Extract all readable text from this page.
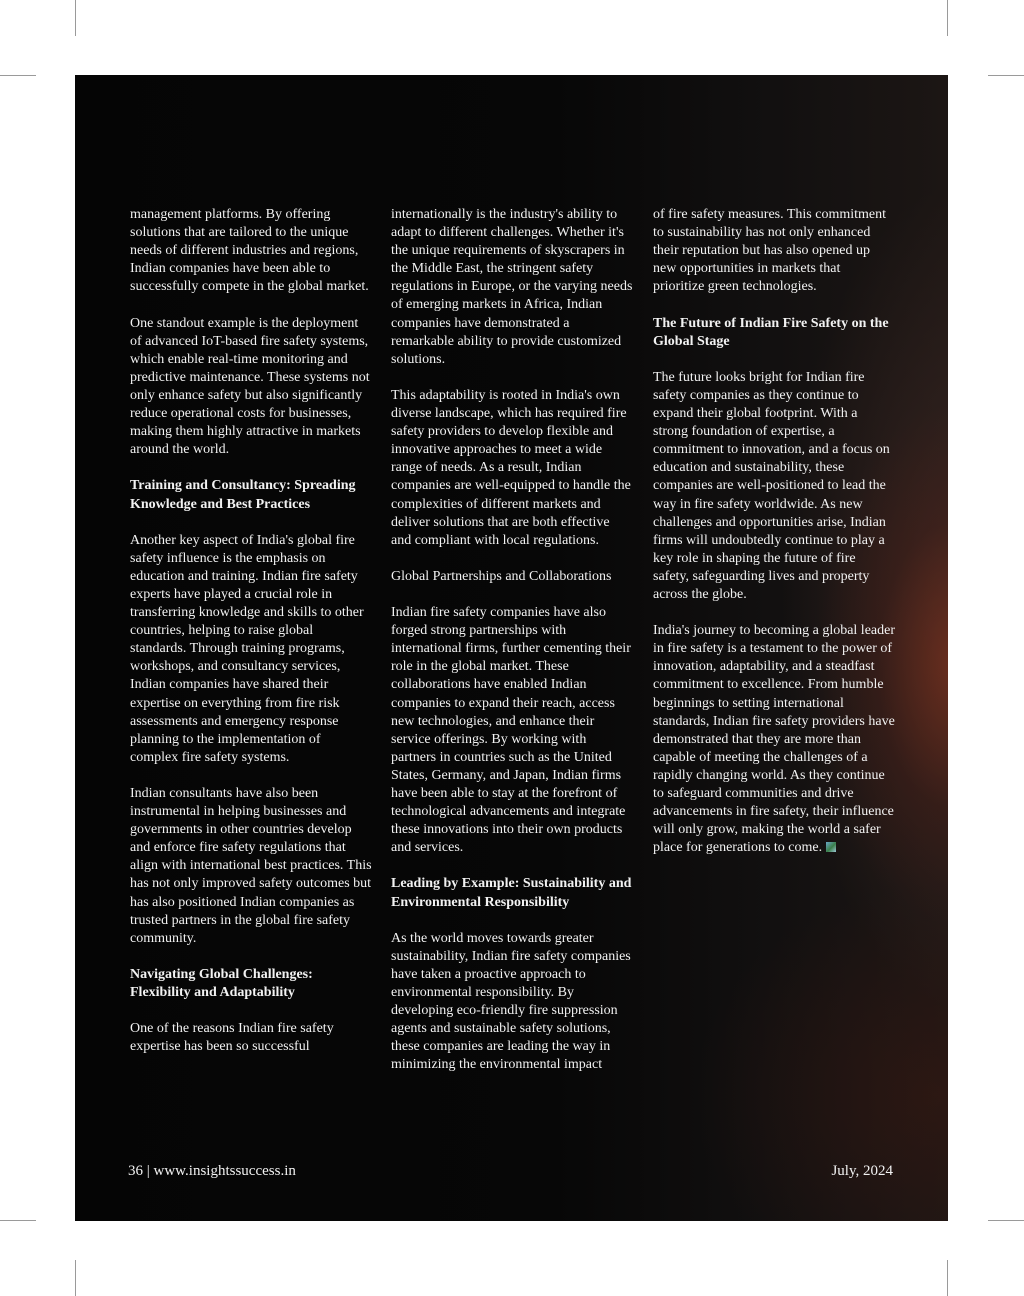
management platforms. By offering solutions that are tailored to the unique needs of different industries and regions, Indian companies have been able to successfully compete in the global market.

One standout example is the deployment of advanced IoT-based fire safety systems, which enable real-time monitoring and predictive maintenance. These systems not only enhance safety but also significantly reduce operational costs for businesses, making them highly attractive in markets around the world.

Training and Consultancy: Spreading Knowledge and Best Practices

Another key aspect of India's global fire safety influence is the emphasis on education and training. Indian fire safety experts have played a crucial role in transferring knowledge and skills to other countries, helping to raise global standards. Through training programs, workshops, and consultancy services, Indian companies have shared their expertise on everything from fire risk assessments and emergency response planning to the implementation of complex fire safety systems.

Indian consultants have also been instrumental in helping businesses and governments in other countries develop and enforce fire safety regulations that align with international best practices. This has not only improved safety outcomes but has also positioned Indian companies as trusted partners in the global fire safety community.

Navigating Global Challenges: Flexibility and Adaptability

One of the reasons Indian fire safety expertise has been so successful

internationally is the industry's ability to adapt to different challenges. Whether it's the unique requirements of skyscrapers in the Middle East, the stringent safety regulations in Europe, or the varying needs of emerging markets in Africa, Indian companies have demonstrated a remarkable ability to provide customized solutions.

This adaptability is rooted in India's own diverse landscape, which has required fire safety providers to develop flexible and innovative approaches to meet a wide range of needs. As a result, Indian companies are well-equipped to handle the complexities of different markets and deliver solutions that are both effective and compliant with local regulations.

Global Partnerships and Collaborations

Indian fire safety companies have also forged strong partnerships with international firms, further cementing their role in the global market. These collaborations have enabled Indian companies to expand their reach, access new technologies, and enhance their service offerings. By working with partners in countries such as the United States, Germany, and Japan, Indian firms have been able to stay at the forefront of technological advancements and integrate these innovations into their own products and services.

Leading by Example: Sustainability and Environmental Responsibility

As the world moves towards greater sustainability, Indian fire safety companies have taken a proactive approach to environmental responsibility. By developing eco-friendly fire suppression agents and sustainable safety solutions, these companies are leading the way in minimizing the environmental impact

of fire safety measures. This commitment to sustainability has not only enhanced their reputation but has also opened up new opportunities in markets that prioritize green technologies.

The Future of Indian Fire Safety on the Global Stage

The future looks bright for Indian fire safety companies as they continue to expand their global footprint. With a strong foundation of expertise, a commitment to innovation, and a focus on education and sustainability, these companies are well-positioned to lead the way in fire safety worldwide. As new challenges and opportunities arise, Indian firms will undoubtedly continue to play a key role in shaping the future of fire safety, safeguarding lives and property across the globe.

India's journey to becoming a global leader in fire safety is a testament to the power of innovation, adaptability, and a steadfast commitment to excellence. From humble beginnings to setting international standards, Indian fire safety providers have demonstrated that they are more than capable of meeting the challenges of a rapidly changing world. As they continue to safeguard communities and drive advancements in fire safety, their influence will only grow, making the world a safer place for generations to come.

36 | www.insightssuccess.in	July, 2024
